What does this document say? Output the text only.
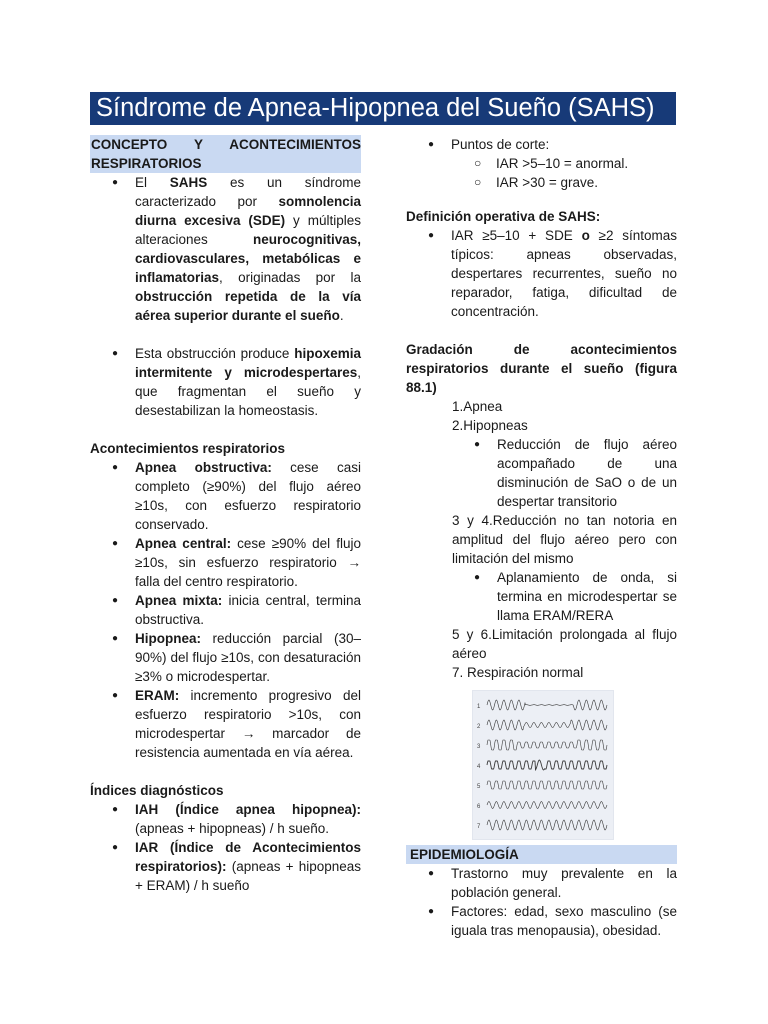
Síndrome de Apnea-Hipopnea del Sueño (SAHS)
CONCEPTO Y ACONTECIMIENTOS
RESPIRATORIOS
● El SAHS es un síndrome caracterizado por somnolencia diurna excesiva (SDE) y múltiples alteraciones neurocognitivas, cardiovasculares, metabólicas e inflamatorias, originadas por la obstrucción repetida de la vía aérea superior durante el sueño.
● Esta obstrucción produce hipoxemia intermitente y microdespertares, que fragmentan el sueño y desestabilizan la homeostasis.
Acontecimientos respiratorios
● Apnea obstructiva: cese casi completo (≥90%) del flujo aéreo ≥10s, con esfuerzo respiratorio conservado.
● Apnea central: cese ≥90% del flujo ≥10s, sin esfuerzo respiratorio → falla del centro respiratorio.
● Apnea mixta: inicia central, termina obstructiva.
● Hipopnea: reducción parcial (30–90%) del flujo ≥10s, con desaturación ≥3% o microdespertar.
● ERAM: incremento progresivo del esfuerzo respiratorio >10s, con microdespertar → marcador de resistencia aumentada en vía aérea.
Índices diagnósticos
● IAH (Índice apnea hipopnea): (apneas + hipopneas) / h sueño.
● IAR (Índice de Acontecimientos respiratorios): (apneas + hipopneas + ERAM) / h sueño
● Puntos de corte:
○ IAR >5–10 = anormal.
○ IAR >30 = grave.
Definición operativa de SAHS:
● IAR ≥5–10 + SDE o ≥2 síntomas típicos: apneas observadas, despertares recurrentes, sueño no reparador, fatiga, dificultad de concentración.
Gradación de acontecimientos respiratorios durante el sueño (figura 88.1)
1.Apnea
2.Hipopneas
● Reducción de flujo aéreo acompañado de una disminución de SaO o de un despertar transitorio
3 y 4.Reducción no tan notoria en amplitud del flujo aéreo pero con limitación del mismo
● Aplanamiento de onda, si termina en microdespertar se llama ERAM/RERA
5 y 6.Limitación prolongada al flujo aéreo
7. Respiración normal
1
2
3
4
5
6
7
EPIDEMIOLOGÍA
● Trastorno muy prevalente en la población general.
● Factores: edad, sexo masculino (se iguala tras menopausia), obesidad.
